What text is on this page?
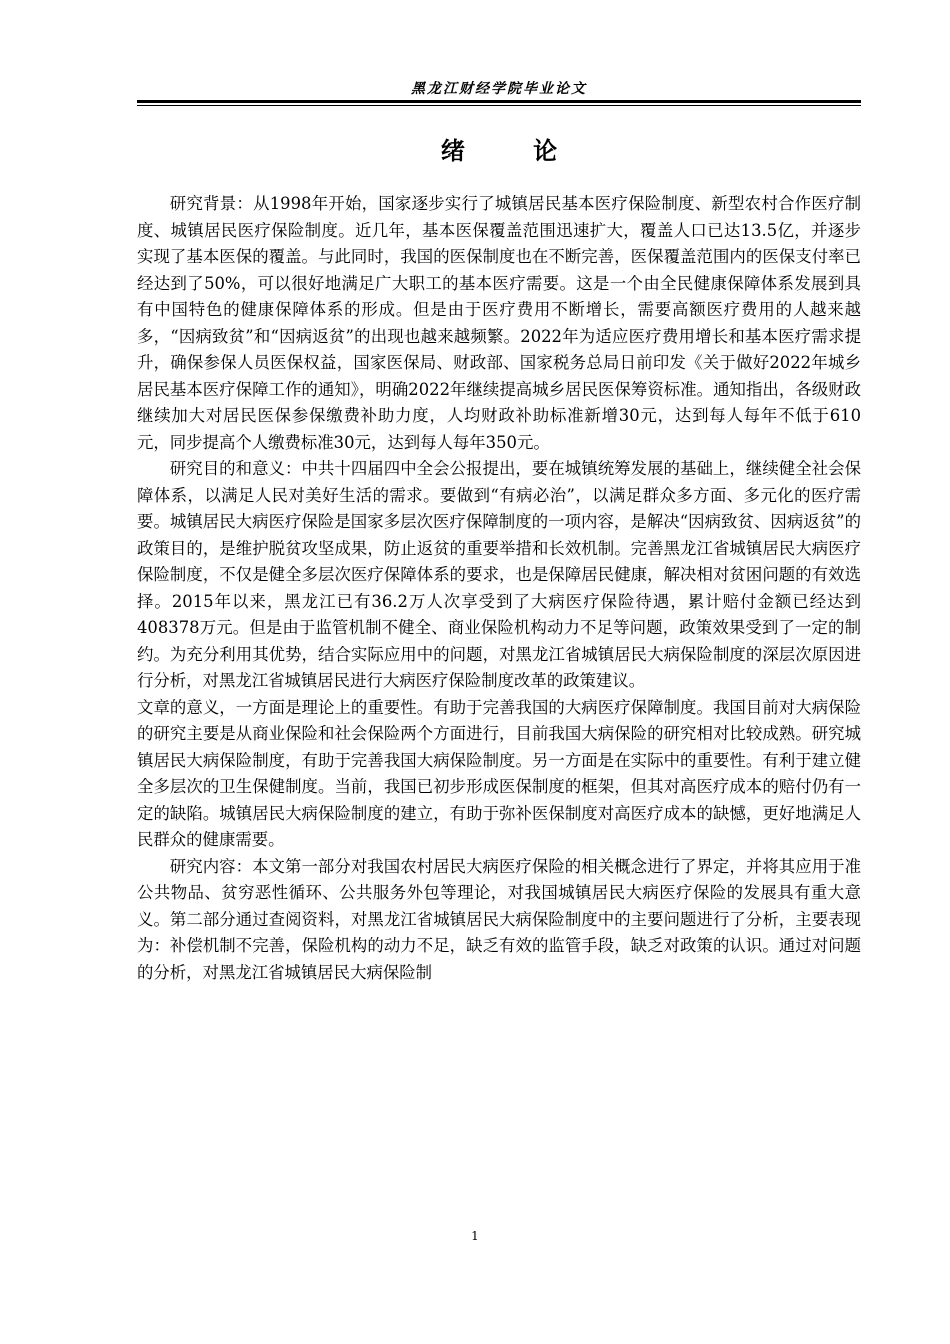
黑龙江财经学院毕业论文
绪 论

研究背景：从1998年开始，国家逐步实行了城镇居民基本医疗保险制度、新型农村合作医疗制度、城镇居民医疗保险制度。近几年，基本医保覆盖范围迅速扩大，覆盖人口已达13.5亿，并逐步实现了基本医保的覆盖。与此同时，我国的医保制度也在不断完善，医保覆盖范围内的医保支付率已经达到了50%，可以很好地满足广大职工的基本医疗需要。这是一个由全民健康保障体系发展到具有中国特色的健康保障体系的形成。但是由于医疗费用不断增长，需要高额医疗费用的人越来越多，“因病致贫”和“因病返贫”的出现也越来越频繁。2022年为适应医疗费用增长和基本医疗需求提升，确保参保人员医保权益，国家医保局、财政部、国家税务总局日前印发《关于做好2022年城乡居民基本医疗保障工作的通知》，明确2022年继续提高城乡居民医保筹资标准。通知指出，各级财政继续加大对居民医保参保缴费补助力度，人均财政补助标准新增30元，达到每人每年不低于610元，同步提高个人缴费标准30元，达到每人每年350元。

研究目的和意义：中共十四届四中全会公报提出，要在城镇统筹发展的基础上，继续健全社会保障体系，以满足人民对美好生活的需求。要做到“有病必治”，以满足群众多方面、多元化的医疗需要。城镇居民大病医疗保险是国家多层次医疗保障制度的一项内容，是解决“因病致贫、因病返贫”的政策目的，是维护脱贫攻坚成果，防止返贫的重要举措和长效机制。完善黑龙江省城镇居民大病医疗保险制度，不仅是健全多层次医疗保障体系的要求，也是保障居民健康，解决相对贫困问题的有效选择。2015年以来，黑龙江已有36.2万人次享受到了大病医疗保险待遇，累计赔付金额已经达到408378万元。但是由于监管机制不健全、商业保险机构动力不足等问题，政策效果受到了一定的制约。为充分利用其优势，结合实际应用中的问题，对黑龙江省城镇居民大病保险制度的深层次原因进行分析，对黑龙江省城镇居民进行大病医疗保险制度改革的政策建议。

文章的意义，一方面是理论上的重要性。有助于完善我国的大病医疗保障制度。我国目前对大病保险的研究主要是从商业保险和社会保险两个方面进行，目前我国大病保险的研究相对比较成熟。研究城镇居民大病保险制度，有助于完善我国大病保险制度。另一方面是在实际中的重要性。有利于建立健全多层次的卫生保健制度。当前，我国已初步形成医保制度的框架，但其对高医疗成本的赔付仍有一定的缺陷。城镇居民大病保险制度的建立，有助于弥补医保制度对高医疗成本的缺憾，更好地满足人民群众的健康需要。

研究内容：本文第一部分对我国农村居民大病医疗保险的相关概念进行了界定，并将其应用于准公共物品、贫穷恶性循环、公共服务外包等理论，对我国城镇居民大病医疗保险的发展具有重大意义。第二部分通过查阅资料，对黑龙江省城镇居民大病保险制度中的主要问题进行了分析，主要表现为：补偿机制不完善，保险机构的动力不足，缺乏有效的监管手段，缺乏对政策的认识。通过对问题的分析，对黑龙江省城镇居民大病保险制

1
